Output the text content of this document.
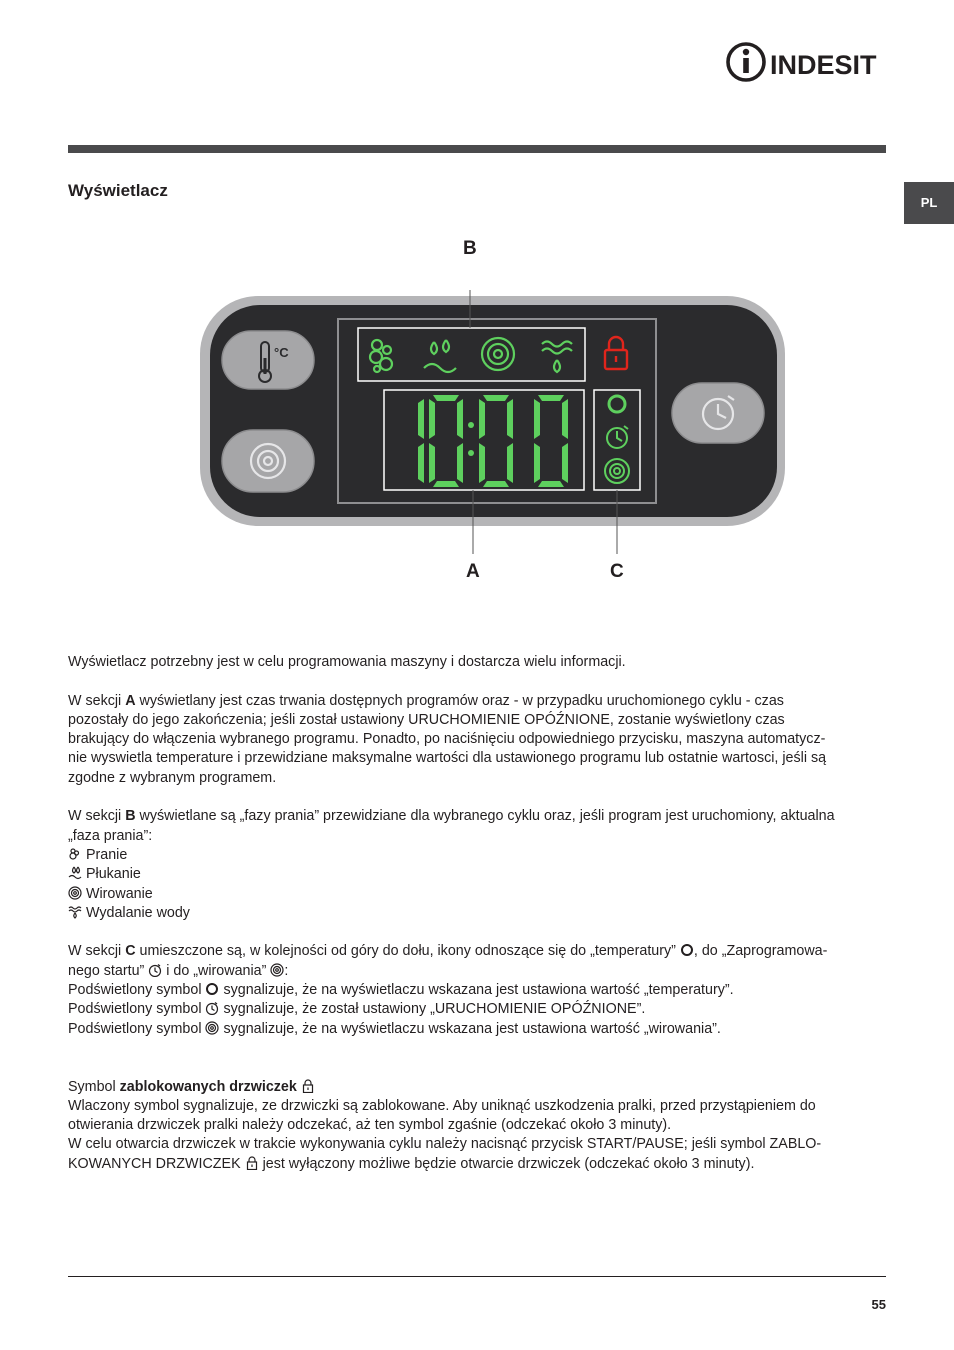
INDESIT
PL
Wyświetlacz
B
A	C
°C

Wyświetlacz potrzebny jest w celu programowania maszyny i dostarcza wielu informacji.

W sekcji A wyświetlany jest czas trwania dostępnych programów oraz - w przypadku uruchomionego cyklu - czas
pozostały do jego zakończenia; jeśli został ustawiony URUCHOMIENIE OPÓŹNIONE, zostanie wyświetlony czas
brakujący do włączenia wybranego programu. Ponadto, po naciśnięciu odpowiedniego przycisku, maszyna automatycz-
nie wyswietla temperature i przewidziane maksymalne wartości dla ustawionego programu lub ostatnie wartosci, jeśli są
zgodne z wybranym programem.

W sekcji B wyświetlane są „fazy prania” przewidziane dla wybranego cyklu oraz, jeśli program jest uruchomiony, aktualna
„faza prania”:

Pranie

Płukanie

Wirowanie

Wydalanie wody

W sekcji C umieszczone są, w kolejności od góry do dołu, ikony odnoszące się do „temperatury” , do „Zaprogramowa-
nego startu”  i do „wirowania” :

Podświetlony symbol  sygnalizuje, że na wyświetlaczu wskazana jest ustawiona wartość „temperatury”.

Podświetlony symbol  sygnalizuje, że został ustawiony „URUCHOMIENIE OPÓŹNIONE”.

Podświetlony symbol  sygnalizuje, że na wyświetlaczu wskazana jest ustawiona wartość „wirowania”.

Symbol zablokowanych drzwiczek
Wlaczony symbol sygnalizuje, ze drzwiczki są zablokowane. Aby uniknąć uszkodzenia pralki, przed przystąpieniem do
otwierania drzwiczek pralki należy odczekać, aż ten symbol zgaśnie (odczekać około 3 minuty).
W celu otwarcia drzwiczek w trakcie wykonywania cyklu należy nacisnąć przycisk START/PAUSE; jeśli symbol ZABLO-
KOWANYCH DRZWICZEK  jest wyłączony możliwe będzie otwarcie drzwiczek (odczekać około 3 minuty).

55
